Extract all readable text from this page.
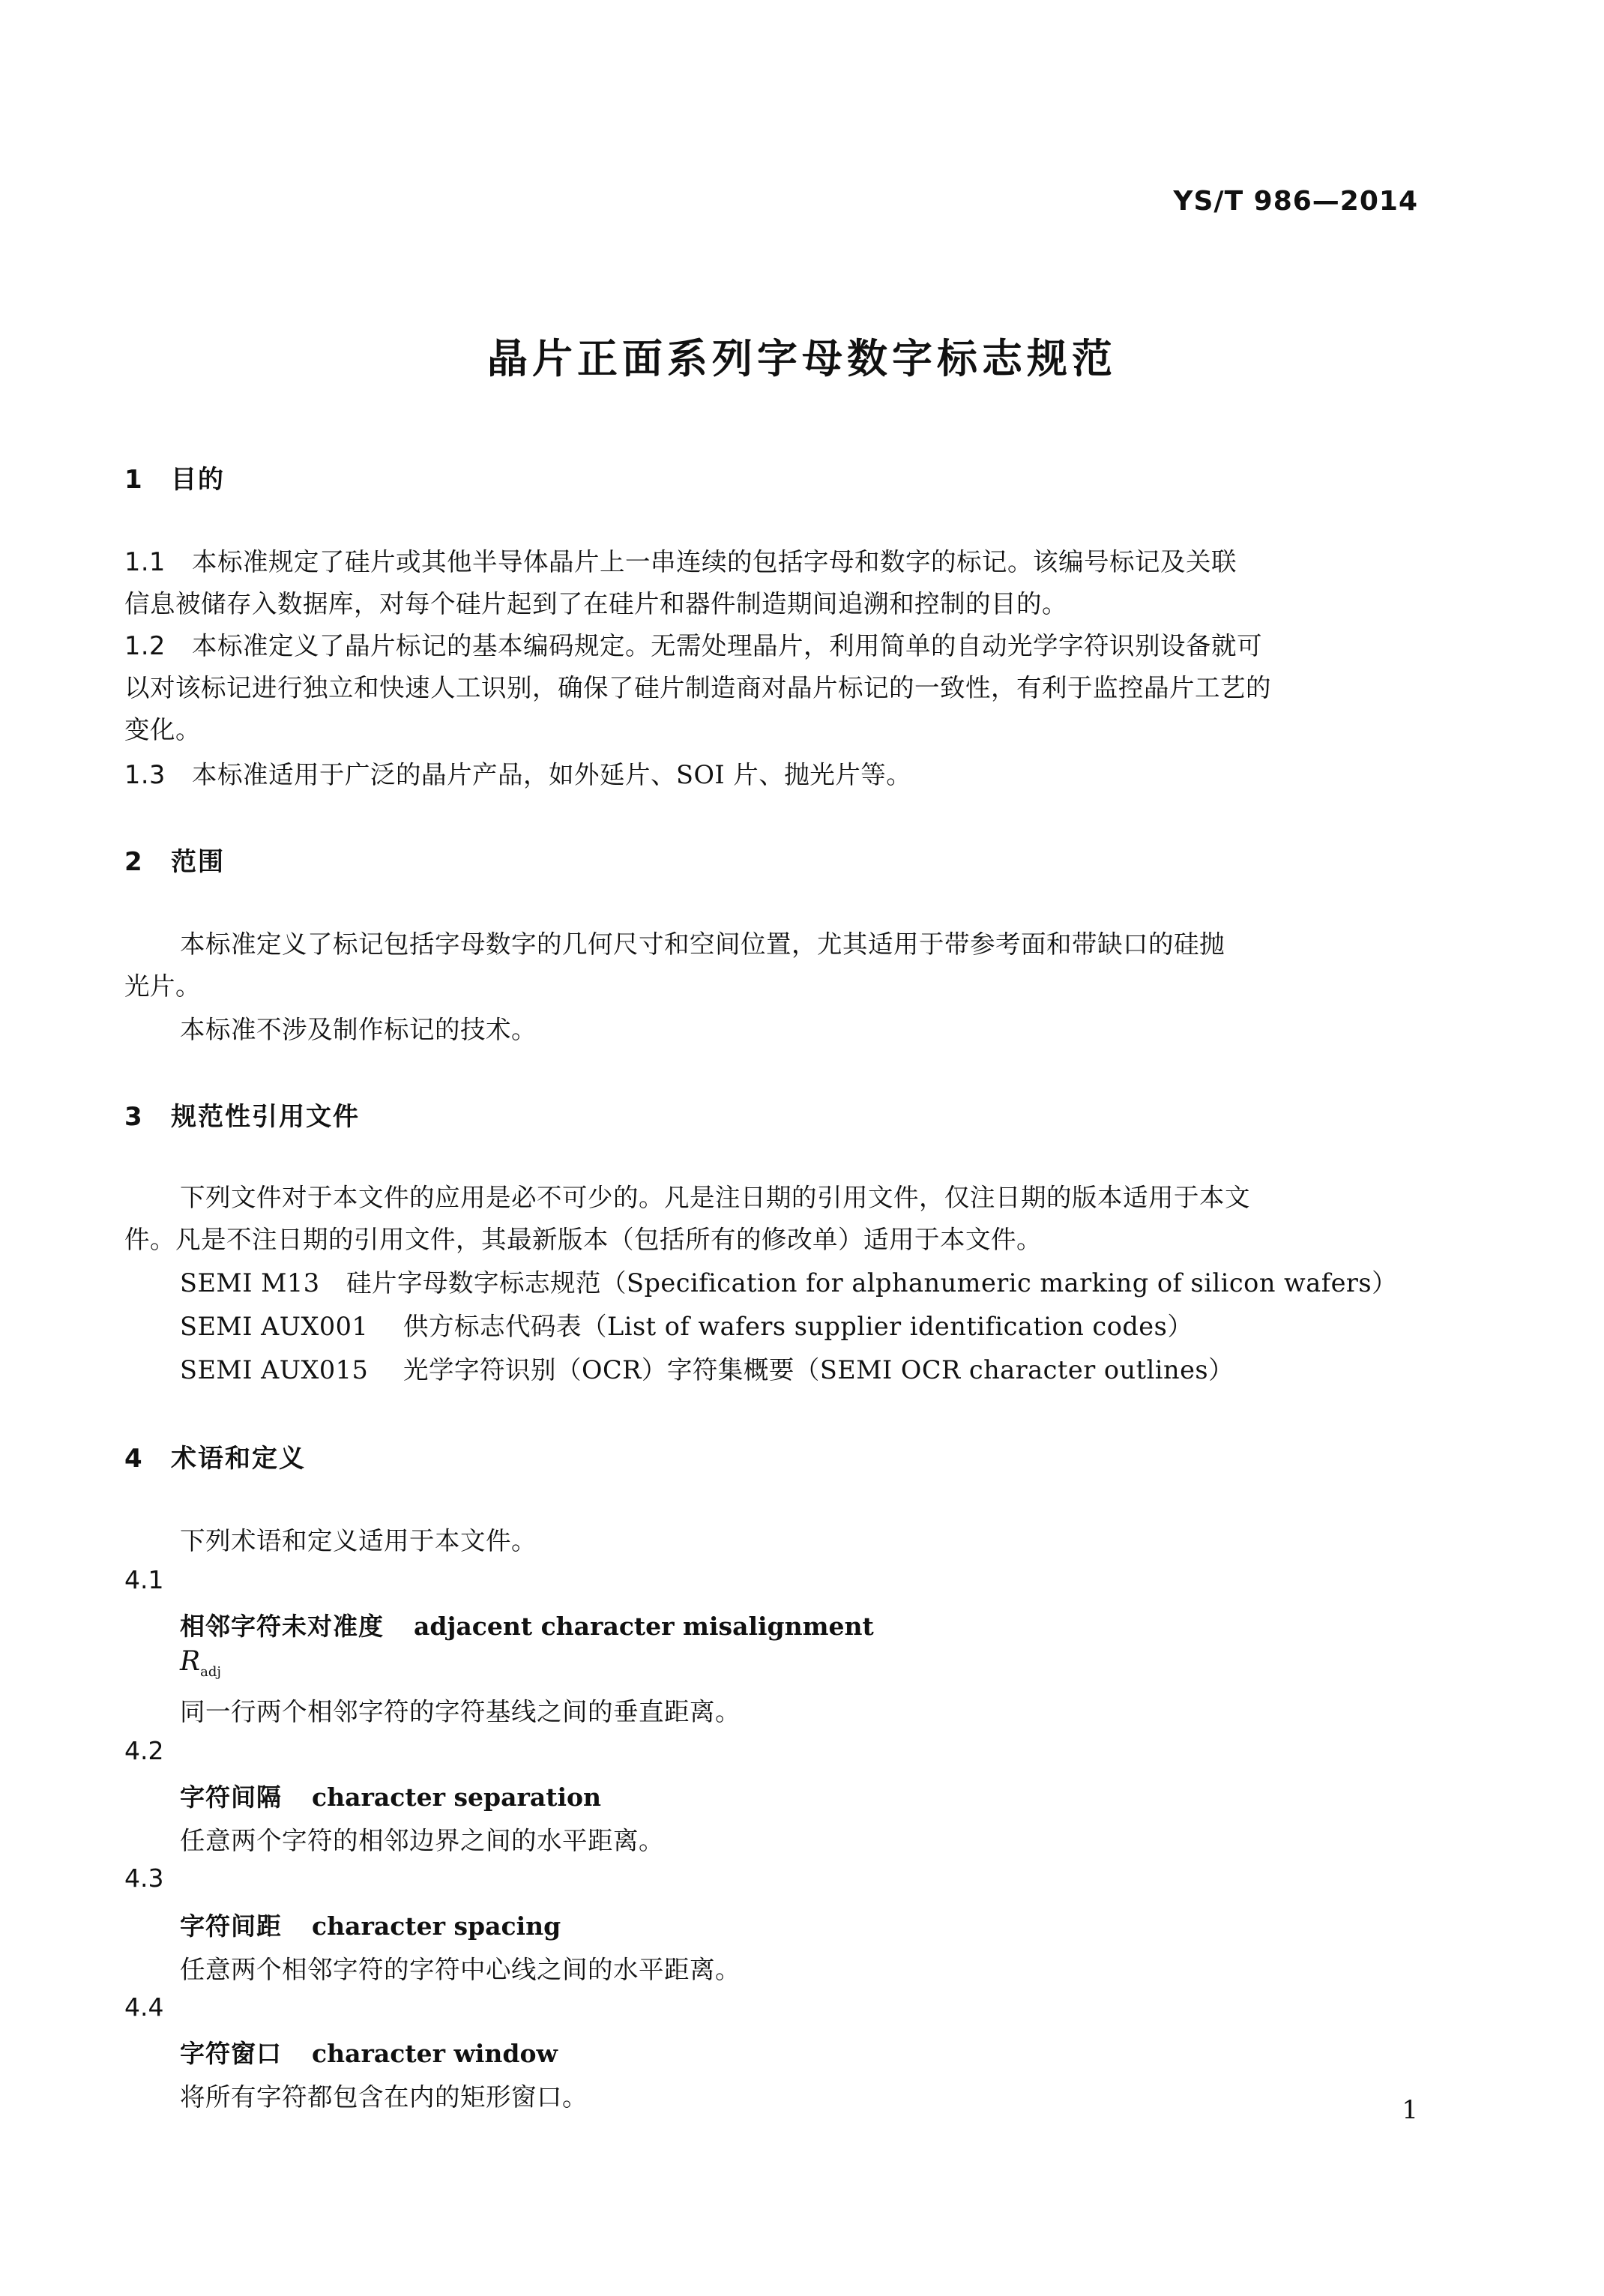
YS/T 986—2014
晶片正面系列字母数字标志规范
1 目的
1.1 本标准规定了硅片或其他半导体晶片上一串连续的包括字母和数字的标记。该编号标记及关联
信息被储存入数据库，对每个硅片起到了在硅片和器件制造期间追溯和控制的目的。
1.2 本标准定义了晶片标记的基本编码规定。无需处理晶片，利用简单的自动光学字符识别设备就可
以对该标记进行独立和快速人工识别，确保了硅片制造商对晶片标记的一致性，有利于监控晶片工艺的
变化。
1.3 本标准适用于广泛的晶片产品，如外延片、SOI 片、抛光片等。
2 范围
本标准定义了标记包括字母数字的几何尺寸和空间位置，尤其适用于带参考面和带缺口的硅抛
光片。
本标准不涉及制作标记的技术。
3 规范性引用文件
下列文件对于本文件的应用是必不可少的。凡是注日期的引用文件，仅注日期的版本适用于本文
件。凡是不注日期的引用文件，其最新版本（包括所有的修改单）适用于本文件。
SEMI M13 硅片字母数字标志规范（Specification for alphanumeric marking of silicon wafers）
SEMI AUX001 供方标志代码表（List of wafers supplier identification codes）
SEMI AUX015 光学字符识别（OCR）字符集概要（SEMI OCR character outlines）
4 术语和定义
下列术语和定义适用于本文件。
4.1
相邻字符未对准度 adjacent character misalignment
$R_{adj}$
同一行两个相邻字符的字符基线之间的垂直距离。
4.2
字符间隔 character separation
任意两个字符的相邻边界之间的水平距离。
4.3
字符间距 character spacing
任意两个相邻字符的字符中心线之间的水平距离。
4.4
字符窗口 character window
将所有字符都包含在内的矩形窗口。	1
